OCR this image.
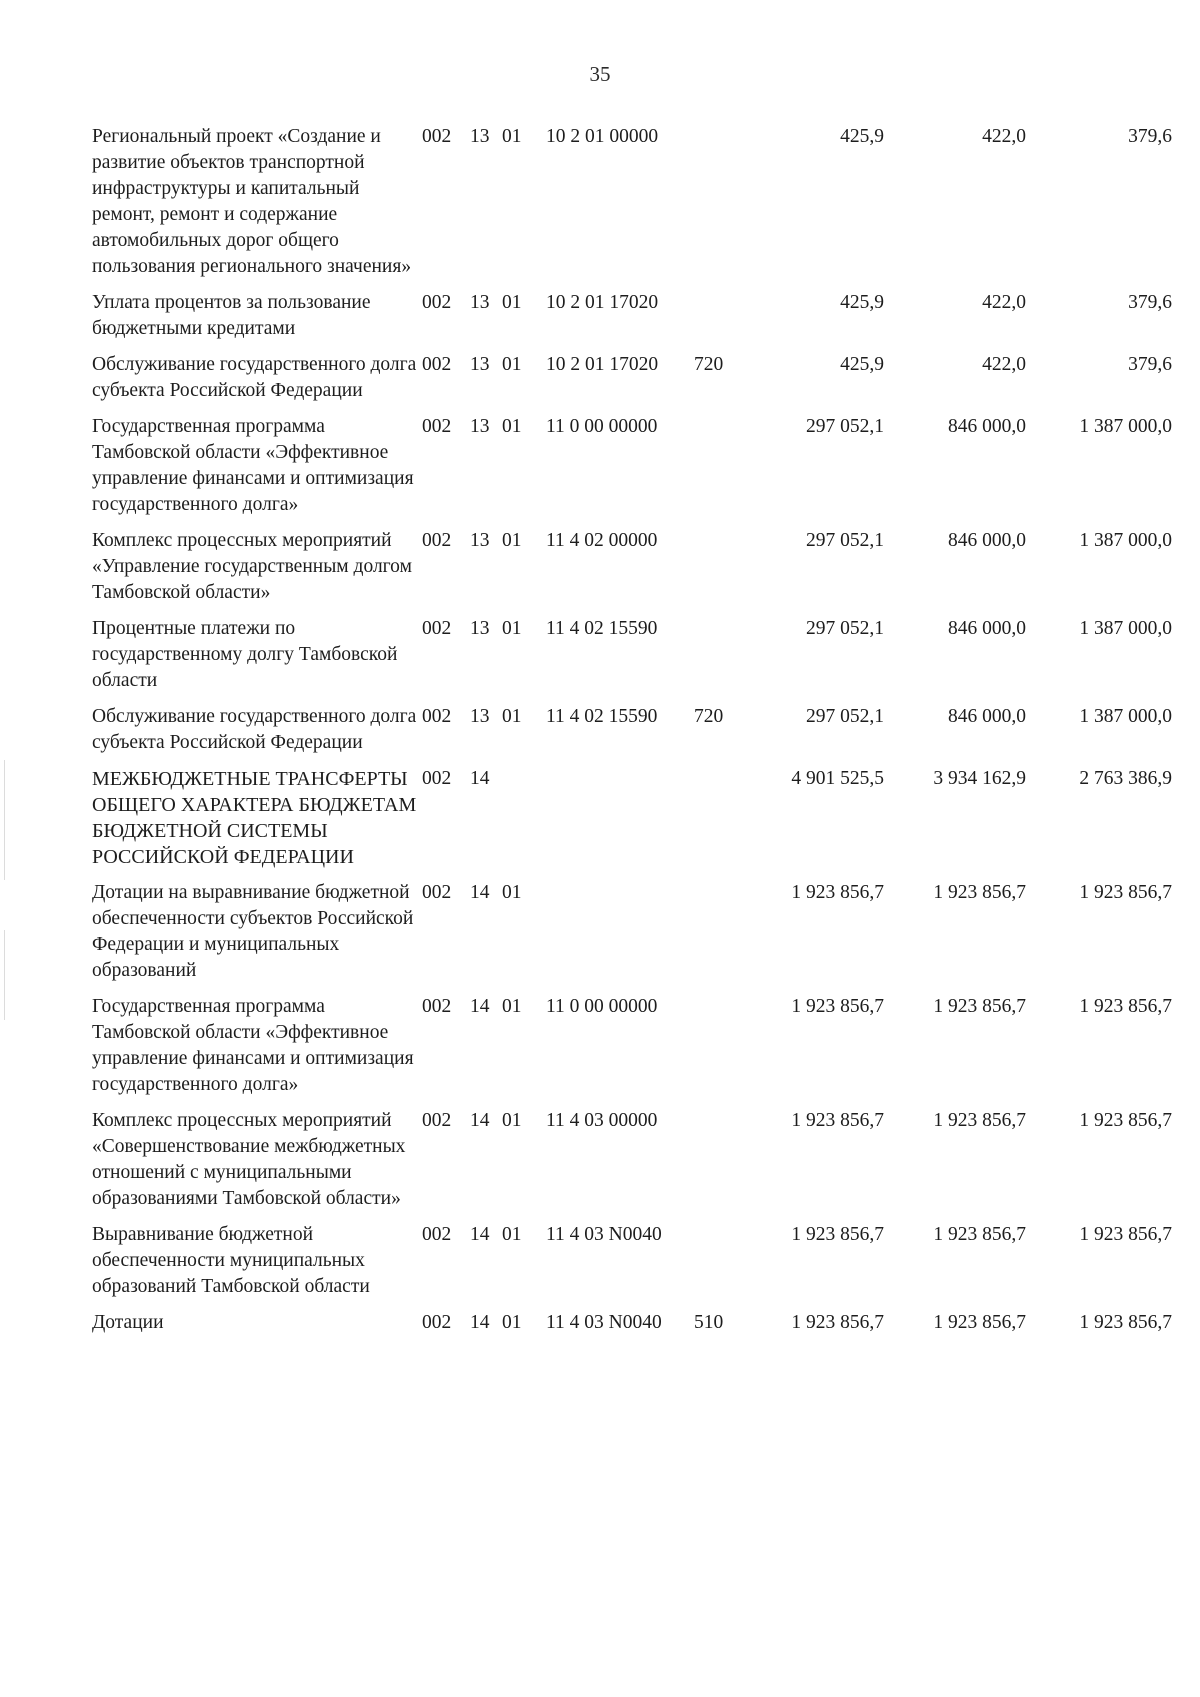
35
Региональный проект «Создание и развитие объектов транспортной инфраструктуры и капитальный ремонт, ремонт и содержание автомобильных дорог общего пользования регионального значения»	002	13	01	10 2 01 00000		425,9	422,0	379,6
Уплата процентов за пользование бюджетными кредитами	002	13	01	10 2 01 17020		425,9	422,0	379,6
Обслуживание государственного долга субъекта Российской Федерации	002	13	01	10 2 01 17020	720	425,9	422,0	379,6
Государственная программа Тамбовской области «Эффективное управление финансами и оптимизация государственного долга»	002	13	01	11 0 00 00000		297 052,1	846 000,0	1 387 000,0
Комплекс процессных мероприятий «Управление государственным долгом Тамбовской области»	002	13	01	11 4 02 00000		297 052,1	846 000,0	1 387 000,0
Процентные платежи по государственному долгу Тамбовской области	002	13	01	11 4 02 15590		297 052,1	846 000,0	1 387 000,0
Обслуживание государственного долга субъекта Российской Федерации	002	13	01	11 4 02 15590	720	297 052,1	846 000,0	1 387 000,0
МЕЖБЮДЖЕТНЫЕ ТРАНСФЕРТЫ ОБЩЕГО ХАРАКТЕРА БЮДЖЕТАМ БЮДЖЕТНОЙ СИСТЕМЫ РОССИЙСКОЙ ФЕДЕРАЦИИ	002	14				4 901 525,5	3 934 162,9	2 763 386,9
Дотации на выравнивание бюджетной обеспеченности субъектов Российской Федерации и муниципальных образований	002	14	01			1 923 856,7	1 923 856,7	1 923 856,7
Государственная программа Тамбовской области «Эффективное управление финансами и оптимизация государственного долга»	002	14	01	11 0 00 00000		1 923 856,7	1 923 856,7	1 923 856,7
Комплекс процессных мероприятий «Совершенствование межбюджетных отношений с муниципальными образованиями Тамбовской области»	002	14	01	11 4 03 00000		1 923 856,7	1 923 856,7	1 923 856,7
Выравнивание бюджетной обеспеченности муниципальных образований Тамбовской области	002	14	01	11 4 03 N0040		1 923 856,7	1 923 856,7	1 923 856,7
Дотации	002	14	01	11 4 03 N0040	510	1 923 856,7	1 923 856,7	1 923 856,7
